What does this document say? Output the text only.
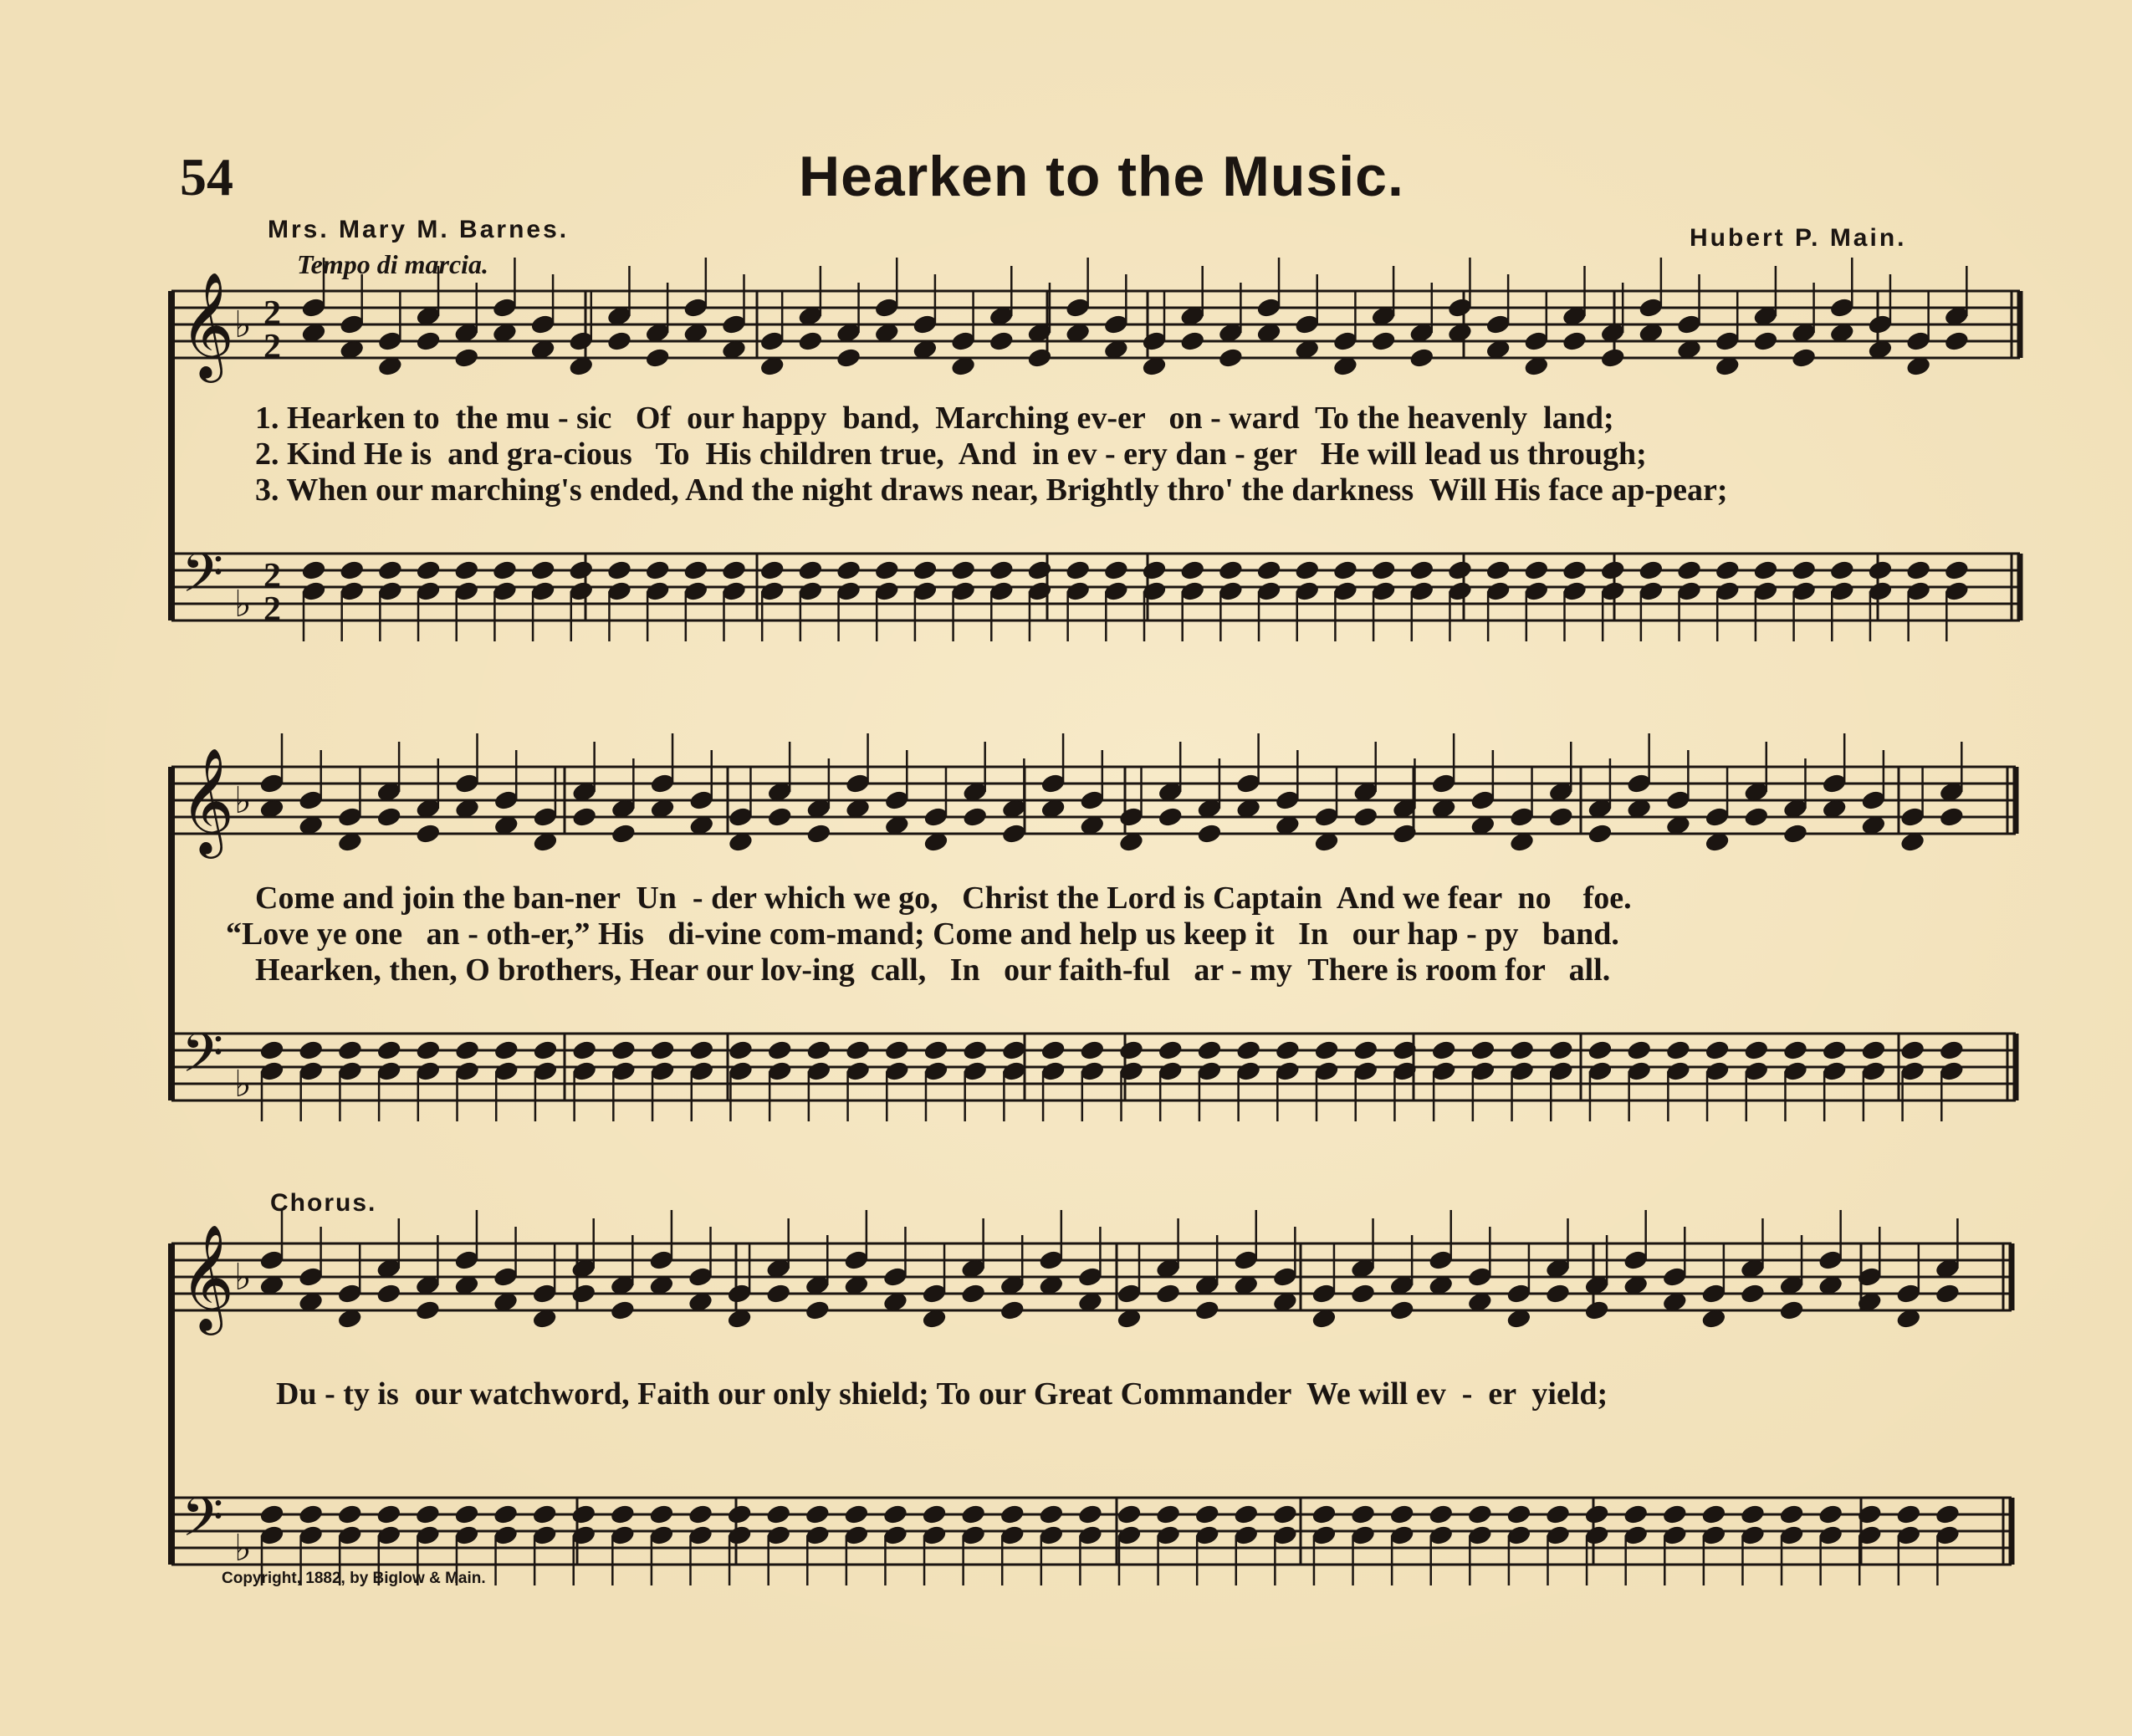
54	Hearken to the Music.
Mrs. Mary M. Barnes.	Hubert P. Main.
Tempo di marcia.
Chorus.
𝄞
𝄢
♭
♭
2
2
2
2
𝄞
𝄢
♭
♭
𝄞
𝄢
♭
♭
1. Hearken to  the mu - sic   Of  our happy  band,  Marching ev-er   on - ward  To the heavenly  land;
2. Kind He is  and gra-cious   To  His children true,  And  in ev - ery dan - ger   He will lead us through;
3. When our marching's ended, And the night draws near, Brightly thro' the darkness  Will His face ap-pear;
Come and join the ban-ner  Un  - der which we go,   Christ the Lord is Captain  And we fear  no    foe.
“Love ye one   an - oth-er,” His   di-vine com-mand; Come and help us keep it   In   our hap - py   band.
Hearken, then, O brothers, Hear our lov-ing  call,   In   our faith-ful   ar - my  There is room for   all.
Du - ty is  our watchword, Faith our only shield; To our Great Commander  We will ev  -  er  yield;
Copyright, 1882, by Biglow & Main.
